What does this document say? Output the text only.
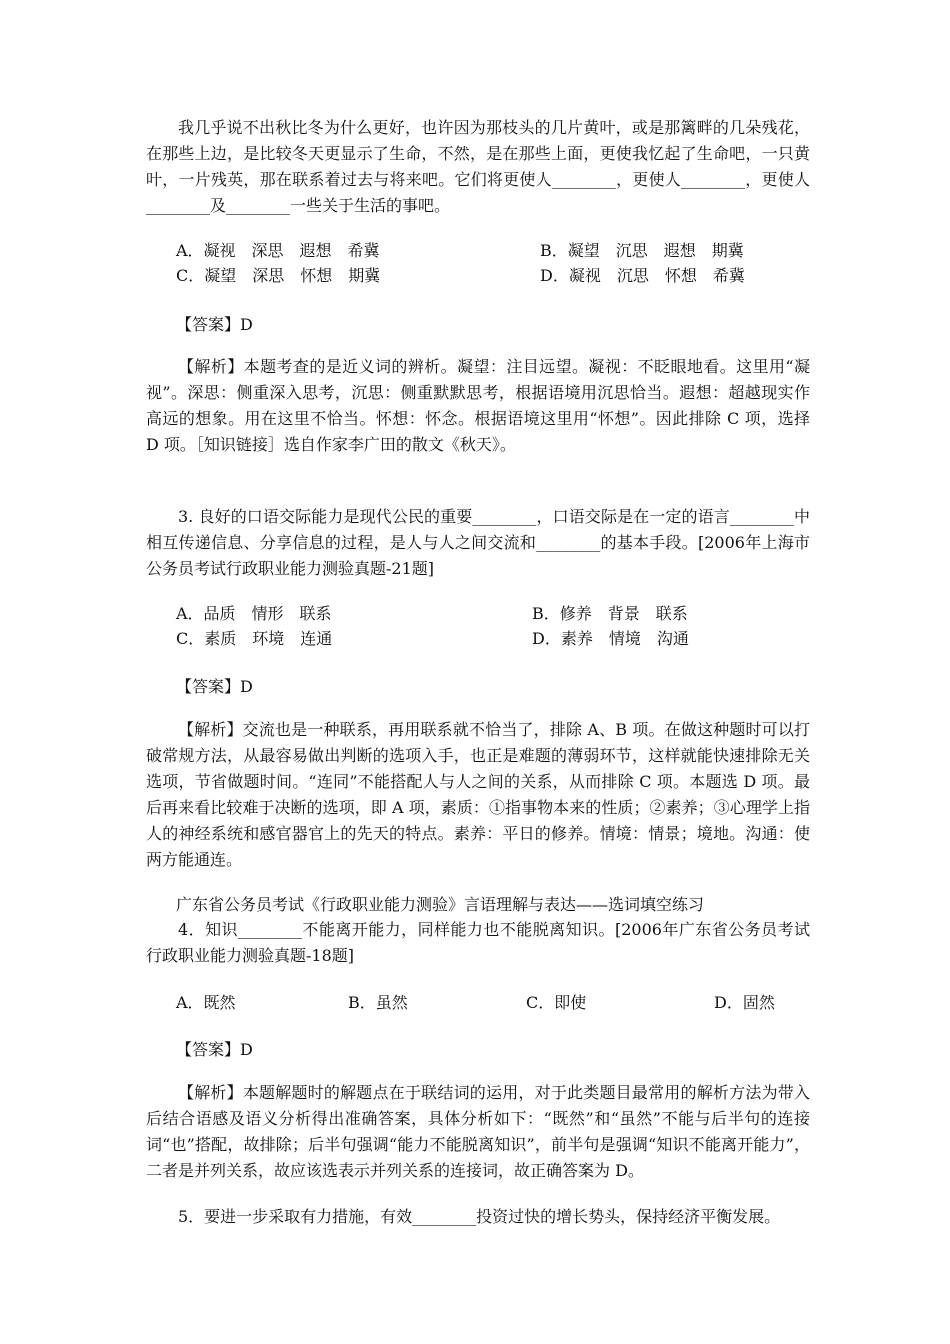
我几乎说不出秋比冬为什么更好，也许因为那枝头的几片黄叶，或是那篱畔的几朵残花，在那些上边，是比较冬天更显示了生命，不然，是在那些上面，更使我忆起了生命吧，一只黄叶，一片残英，那在联系着过去与将来吧。它们将更使人________，更使人________，更使人________及________一些关于生活的事吧。

A．凝视　深思　遐想　希冀	B．凝望　沉思　遐想　期冀
C．凝望　深思　怀想　期冀	D．凝视　沉思　怀想　希冀
【答案】D

【解析】本题考查的是近义词的辨析。凝望：注目远望。凝视：不眨眼地看。这里用“凝视”。深思：侧重深入思考，沉思：侧重默默思考，根据语境用沉思恰当。遐想：超越现实作高远的想象。用在这里不恰当。怀想：怀念。根据语境这里用“怀想”。因此排除 C 项，选择 D 项。［知识链接］选自作家李广田的散文《秋天》。

3. 良好的口语交际能力是现代公民的重要________，口语交际是在一定的语言________中相互传递信息、分享信息的过程，是人与人之间交流和________的基本手段。[2006年上海市公务员考试行政职业能力测验真题-21题]

A．品质　情形　联系	B．修养　背景　联系
C．素质　环境　连通	D．素养　情境　沟通
【答案】D

【解析】交流也是一种联系，再用联系就不恰当了，排除 A、B 项。在做这种题时可以打破常规方法，从最容易做出判断的选项入手，也正是难题的薄弱环节，这样就能快速排除无关选项，节省做题时间。“连同”不能搭配人与人之间的关系，从而排除 C 项。本题选 D 项。最后再来看比较难于决断的选项，即 A 项，素质：①指事物本来的性质；②素养；③心理学上指人的神经系统和感官器官上的先天的特点。素养：平日的修养。情境：情景；境地。沟通：使两方能通连。

广东省公务员考试《行政职业能力测验》言语理解与表达——选词填空练习

4．知识________不能离开能力，同样能力也不能脱离知识。[2006年广东省公务员考试行政职业能力测验真题-18题]

A．既然	B．虽然	C．即使	D．固然
【答案】D

【解析】本题解题时的解题点在于联结词的运用，对于此类题目最常用的解析方法为带入后结合语感及语义分析得出准确答案，具体分析如下：“既然”和“虽然”不能与后半句的连接词“也”搭配，故排除；后半句强调“能力不能脱离知识”，前半句是强调“知识不能离开能力”，二者是并列关系，故应该选表示并列关系的连接词，故正确答案为 D。

5．要进一步采取有力措施，有效________投资过快的增长势头，保持经济平衡发展。
